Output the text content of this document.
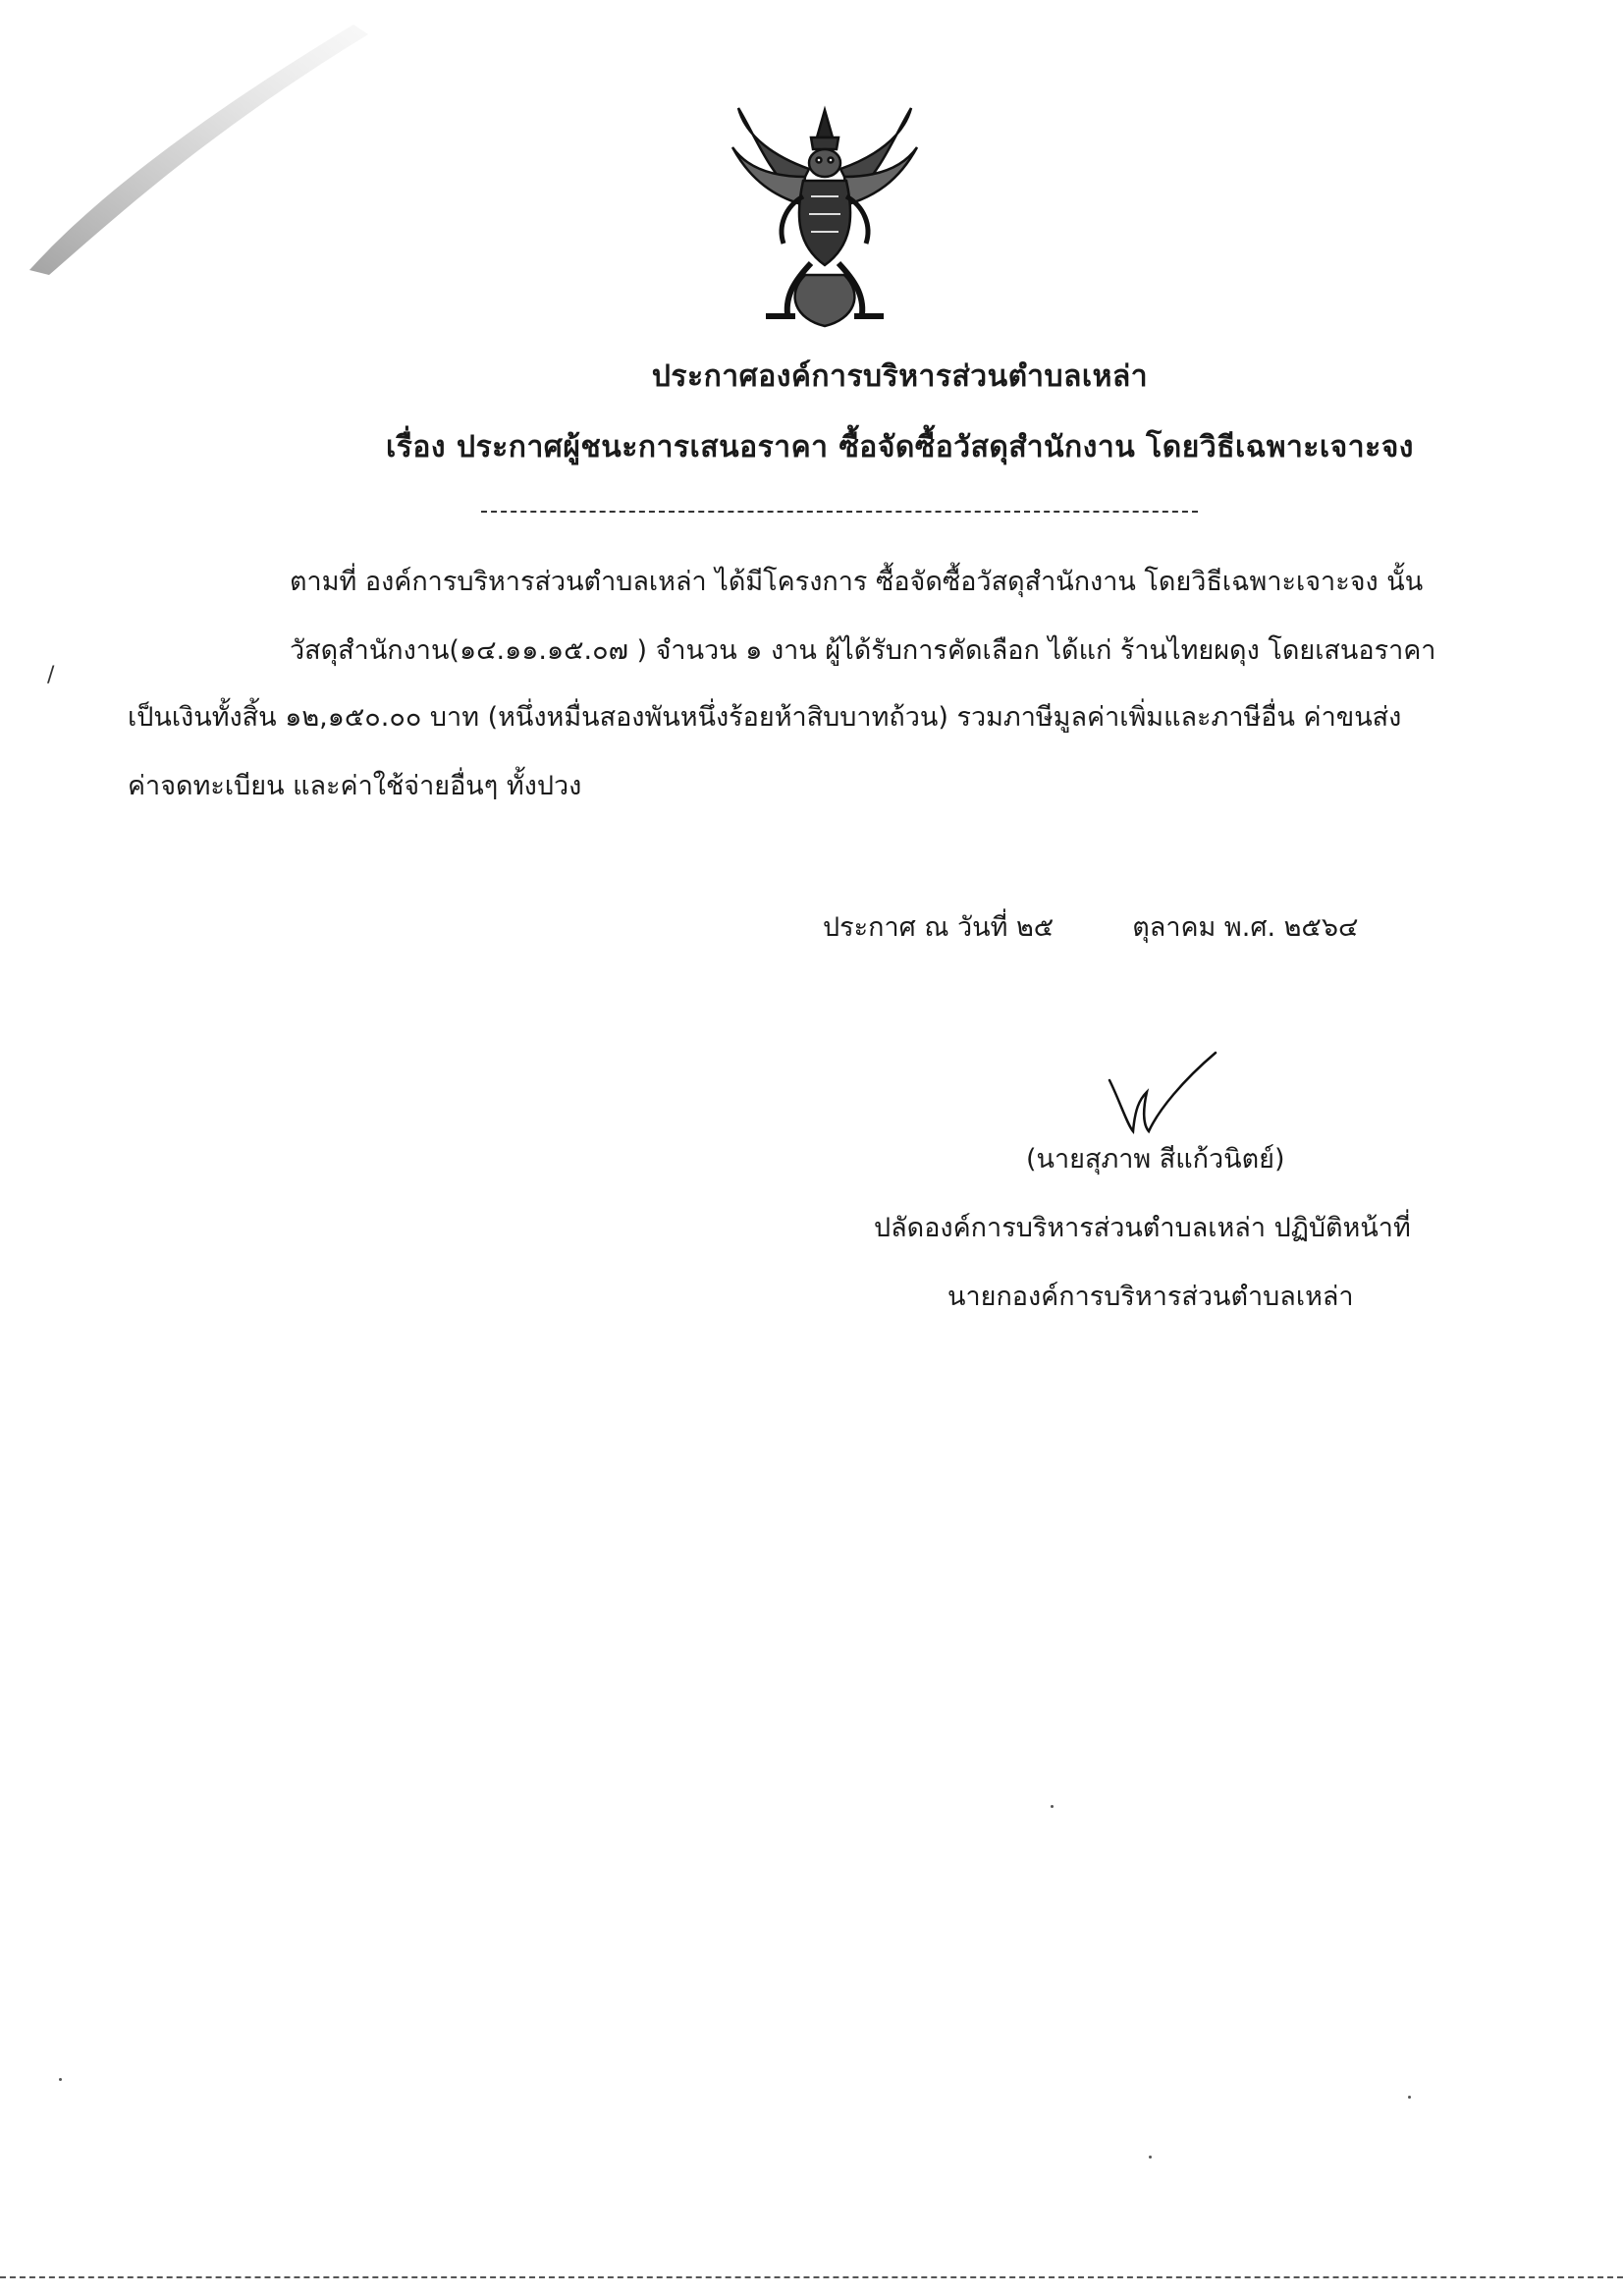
ประกาศองค์การบริหารส่วนตำบลเหล่า
เรื่อง ประกาศผู้ชนะการเสนอราคา ซื้อจัดซื้อวัสดุสำนักงาน โดยวิธีเฉพาะเจาะจง
/
ตามที่ องค์การบริหารส่วนตำบลเหล่า ได้มีโครงการ ซื้อจัดซื้อวัสดุสำนักงาน โดยวิธีเฉพาะเจาะจง นั้น
วัสดุสำนักงาน(๑๔.๑๑.๑๕.๐๗ ) จำนวน ๑ งาน ผู้ได้รับการคัดเลือก ได้แก่ ร้านไทยผดุง โดยเสนอราคา
เป็นเงินทั้งสิ้น ๑๒,๑๕๐.๐๐ บาท (หนึ่งหมื่นสองพันหนึ่งร้อยห้าสิบบาทถ้วน) รวมภาษีมูลค่าเพิ่มและภาษีอื่น ค่าขนส่ง
ค่าจดทะเบียน และค่าใช้จ่ายอื่นๆ ทั้งปวง
ประกาศ ณ วันที่ ๒๕	ตุลาคม พ.ศ. ๒๕๖๔
(นายสุภาพ สีแก้วนิตย์)
ปลัดองค์การบริหารส่วนตำบลเหล่า ปฏิบัติหน้าที่
นายกองค์การบริหารส่วนตำบลเหล่า
